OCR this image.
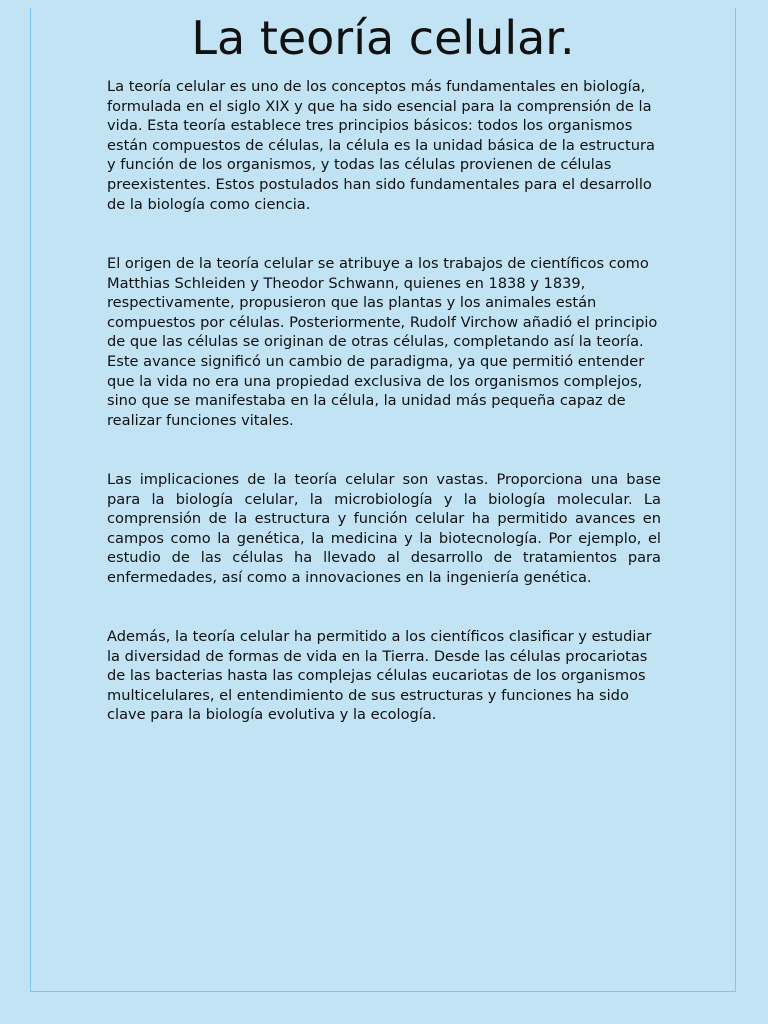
La teoría celular.

La teoría celular es uno de los conceptos más fundamentales en biología, formulada en el siglo XIX y que ha sido esencial para la comprensión de la vida. Esta teoría establece tres principios básicos: todos los organismos están compuestos de células, la célula es la unidad básica de la estructura y función de los organismos, y todas las células provienen de células preexistentes. Estos postulados han sido fundamentales para el desarrollo de la biología como ciencia.

El origen de la teoría celular se atribuye a los trabajos de científicos como Matthias Schleiden y Theodor Schwann, quienes en 1838 y 1839, respectivamente, propusieron que las plantas y los animales están compuestos por células. Posteriormente, Rudolf Virchow añadió el principio de que las células se originan de otras células, completando así la teoría. Este avance significó un cambio de paradigma, ya que permitió entender que la vida no era una propiedad exclusiva de los organismos complejos, sino que se manifestaba en la célula, la unidad más pequeña capaz de realizar funciones vitales.

Las implicaciones de la teoría celular son vastas. Proporciona una base para la biología celular, la microbiología y la biología molecular. La comprensión de la estructura y función celular ha permitido avances en campos como la genética, la medicina y la biotecnología. Por ejemplo, el estudio de las células ha llevado al desarrollo de tratamientos para enfermedades, así como a innovaciones en la ingeniería genética.

Además, la teoría celular ha permitido a los científicos clasificar y estudiar la diversidad de formas de vida en la Tierra. Desde las células procariotas de las bacterias hasta las complejas células eucariotas de los organismos multicelulares, el entendimiento de sus estructuras y funciones ha sido clave para la biología evolutiva y la ecología.
